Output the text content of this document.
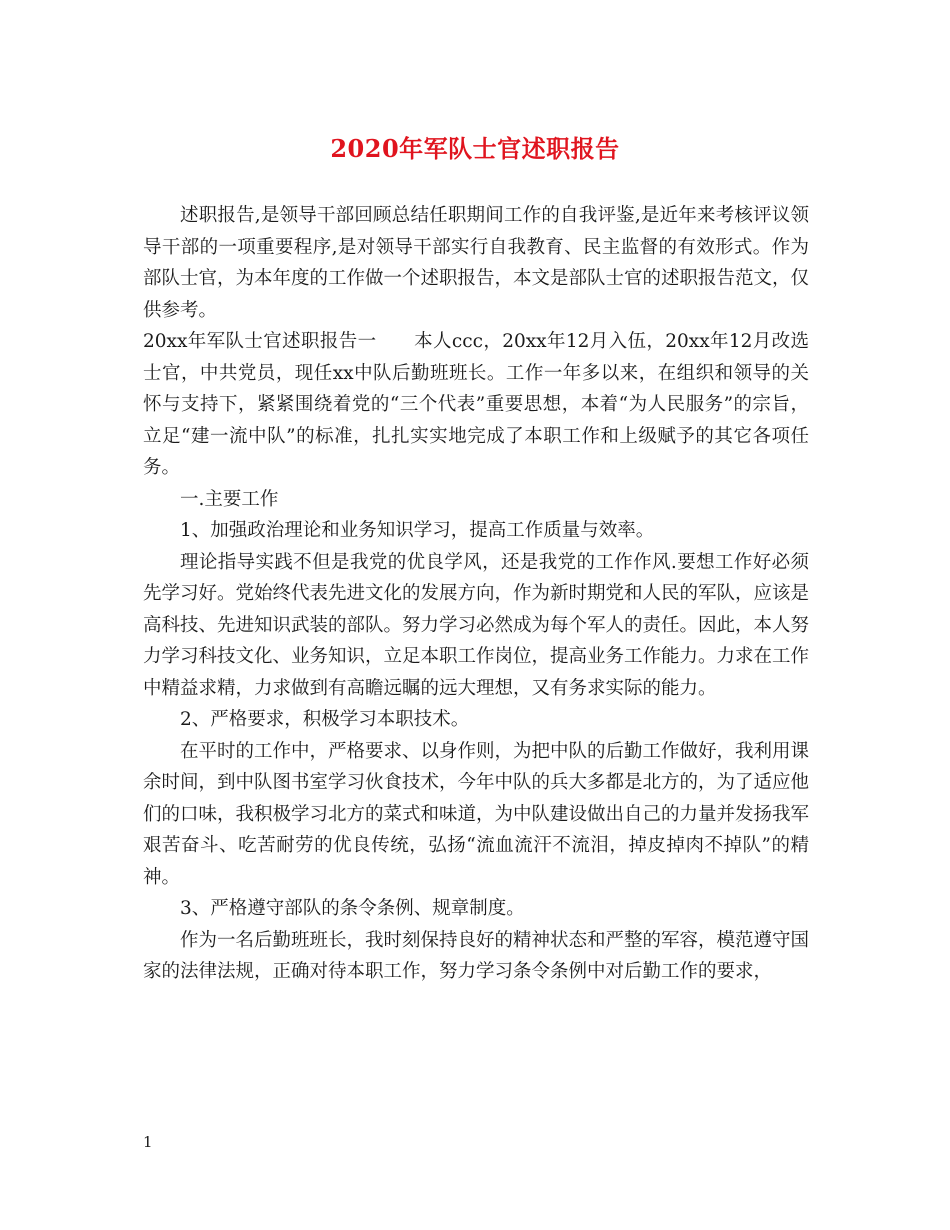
2020年军队士官述职报告

述职报告,是领导干部回顾总结任职期间工作的自我评鉴,是近年来考核评议领导干部的一项重要程序,是对领导干部实行自我教育、民主监督的有效形式。作为部队士官，为本年度的工作做一个述职报告，本文是部队士官的述职报告范文，仅供参考。

20xx年军队士官述职报告一　　本人ccc，20xx年12月入伍，20xx年12月改选士官，中共党员，现任xx中队后勤班班长。工作一年多以来，在组织和领导的关怀与支持下，紧紧围绕着党的“三个代表”重要思想，本着“为人民服务”的宗旨，立足“建一流中队”的标准，扎扎实实地完成了本职工作和上级赋予的其它各项任务。

一.主要工作

1、加强政治理论和业务知识学习，提高工作质量与效率。

理论指导实践不但是我党的优良学风，还是我党的工作作风.要想工作好必须先学习好。党始终代表先进文化的发展方向，作为新时期党和人民的军队，应该是高科技、先进知识武装的部队。努力学习必然成为每个军人的责任。因此，本人努力学习科技文化、业务知识，立足本职工作岗位，提高业务工作能力。力求在工作中精益求精，力求做到有高瞻远瞩的远大理想，又有务求实际的能力。

2、严格要求，积极学习本职技术。

在平时的工作中，严格要求、以身作则，为把中队的后勤工作做好，我利用课余时间，到中队图书室学习伙食技术，今年中队的兵大多都是北方的，为了适应他们的口味，我积极学习北方的菜式和味道，为中队建设做出自己的力量并发扬我军艰苦奋斗、吃苦耐劳的优良传统，弘扬“流血流汗不流泪，掉皮掉肉不掉队”的精神。

3、严格遵守部队的条令条例、规章制度。

作为一名后勤班班长，我时刻保持良好的精神状态和严整的军容，模范遵守国家的法律法规，正确对待本职工作，努力学习条令条例中对后勤工作的要求，

1
